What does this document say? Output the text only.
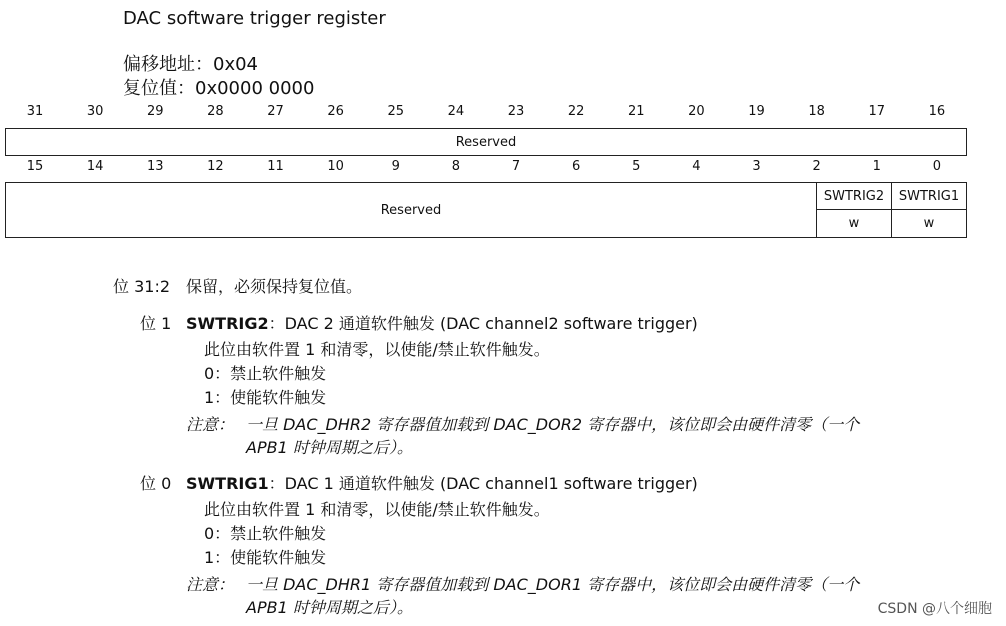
DAC software trigger register
偏移地址：0x04
复位值：0x0000 0000
31	30	29	28	27	26	25	24	23	22	21	20	19	18	17	16
Reserved
15	14	13	12	11	10	9	8	7	6	5	4	3	2	1	0
Reserved
SWTRIG2 SWTRIG1
w	w
位 31:2 保留，必须保持复位值。
位 1 SWTRIG2：DAC 2 通道软件触发 (DAC channel2 software trigger)
此位由软件置 1 和清零，以使能/禁止软件触发。
0：禁止软件触发
1：使能软件触发
注意： 一旦 DAC_DHR2 寄存器值加载到 DAC_DOR2 寄存器中，该位即会由硬件清零（一个
APB1 时钟周期之后）。
位 0 SWTRIG1：DAC 1 通道软件触发 (DAC channel1 software trigger)
此位由软件置 1 和清零，以使能/禁止软件触发。
0：禁止软件触发
1：使能软件触发
注意： 一旦 DAC_DHR1 寄存器值加载到 DAC_DOR1 寄存器中，该位即会由硬件清零（一个
APB1 时钟周期之后）。	CSDN @八个细胞
